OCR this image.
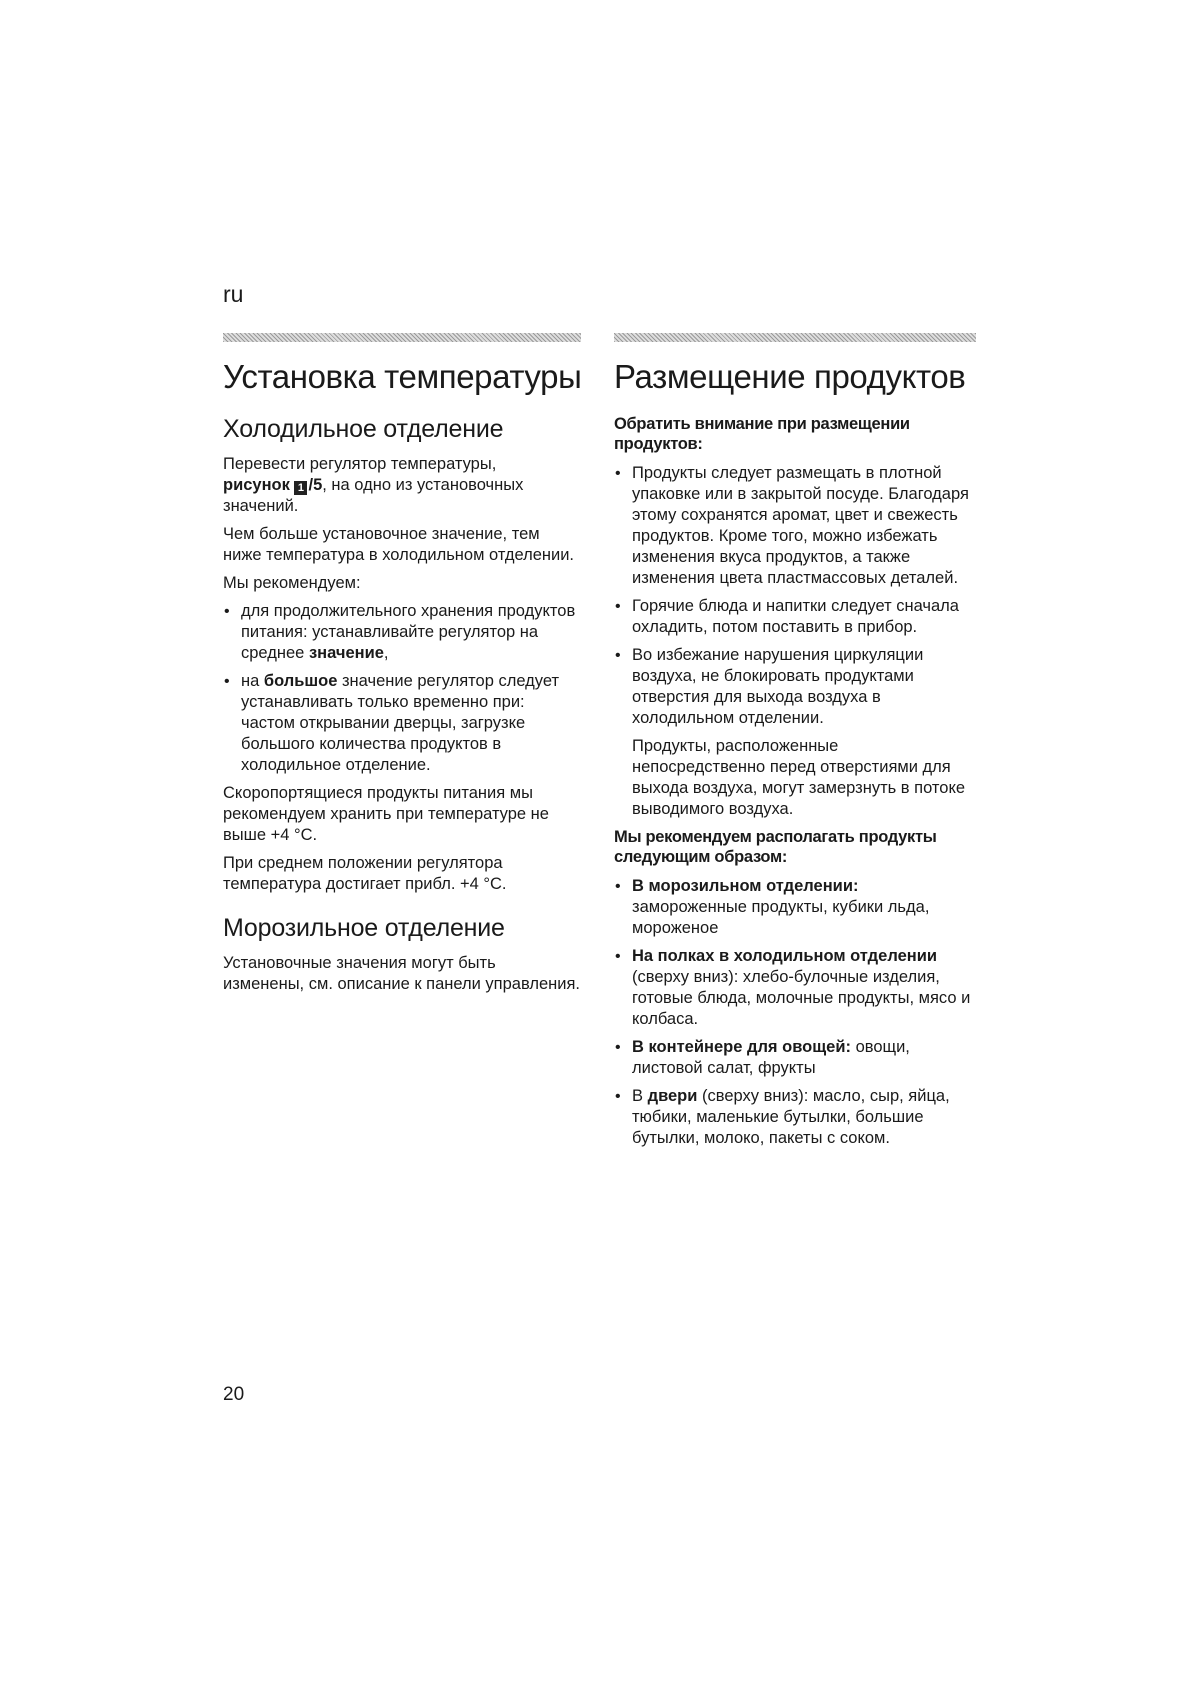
ru
Установка температуры
Холодильное отделение

Перевести регулятор температуры,
рисунок 1 /5, на одно из установочных значений.

Чем больше установочное значение, тем ниже температура в холодильном отделении.

Мы рекомендуем:

• для продолжительного хранения продуктов питания: устанавливайте регулятор на среднее значение,
• на большое значение регулятор следует устанавливать только временно при: частом открывании дверцы, загрузке большого количества продуктов в холодильное отделение.

Скоропортящиеся продукты питания мы рекомендуем хранить при температуре не выше +4 °C.

При среднем положении регулятора температура достигает прибл. +4 °C.

Морозильное отделение

Установочные значения могут быть изменены, см. описание к панели управления.

Размещение продуктов
Обратить внимание при размещении продуктов:
• Продукты следует размещать в плотной упаковке или в закрытой посуде. Благодаря этому сохранятся аромат, цвет и свежесть продуктов. Кроме того, можно избежать изменения вкуса продуктов, а также изменения цвета пластмассовых деталей.
• Горячие блюда и напитки следует сначала охладить, потом поставить в прибор.
• Во избежание нарушения циркуляции воздуха, не блокировать продуктами отверстия для выхода воздуха в холодильном отделении.

Продукты, расположенные непосредственно перед отверстиями для выхода воздуха, могут замерзнуть в потоке выводимого воздуха.

Мы рекомендуем располагать продукты следующим образом:
• В морозильном отделении:
замороженные продукты, кубики льда, мороженое
• На полках в холодильном отделении
(сверху вниз): хлебо-булочные изделия, готовые блюда, молочные продукты, мясо и колбаса.
• В контейнере для овощей: овощи, листовой салат, фрукты
• В двери (сверху вниз): масло, сыр, яйца, тюбики, маленькие бутылки, большие бутылки, молоко, пакеты с соком.
20
